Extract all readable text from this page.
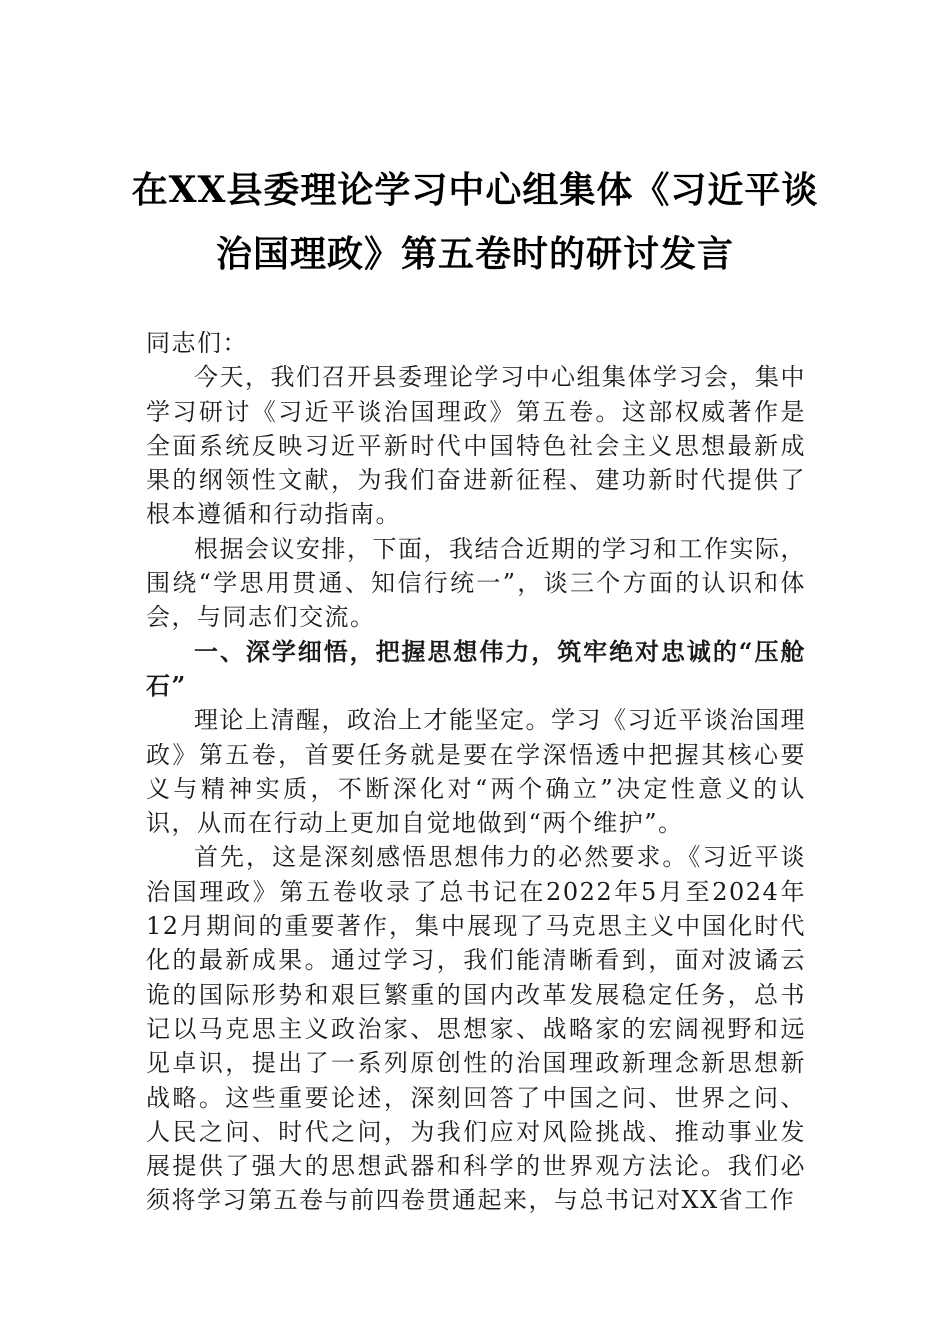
在XX县委理论学习中心组集体《习近平谈
治国理政》第五卷时的研讨发言

同志们：

今天，我们召开县委理论学习中心组集体学习会，集中学习研讨《习近平谈治国理政》第五卷。这部权威著作是全面系统反映习近平新时代中国特色社会主义思想最新成果的纲领性文献，为我们奋进新征程、建功新时代提供了根本遵循和行动指南。

根据会议安排，下面，我结合近期的学习和工作实际，围绕“学思用贯通、知信行统一”，谈三个方面的认识和体会，与同志们交流。

一、深学细悟，把握思想伟力，筑牢绝对忠诚的“压舱石”

理论上清醒，政治上才能坚定。学习《习近平谈治国理政》第五卷，首要任务就是要在学深悟透中把握其核心要义与精神实质，不断深化对“两个确立”决定性意义的认识，从而在行动上更加自觉地做到“两个维护”。

首先，这是深刻感悟思想伟力的必然要求。《习近平谈治国理政》第五卷收录了总书记在2022年5月至2024年12月期间的重要著作，集中展现了马克思主义中国化时代化的最新成果。通过学习，我们能清晰看到，面对波谲云诡的国际形势和艰巨繁重的国内改革发展稳定任务，总书记以马克思主义政治家、思想家、战略家的宏阔视野和远见卓识，提出了一系列原创性的治国理政新理念新思想新战略。这些重要论述，深刻回答了中国之问、世界之问、人民之问、时代之问，为我们应对风险挑战、推动事业发展提供了强大的思想武器和科学的世界观方法论。我们必须将学习第五卷与前四卷贯通起来，与总书记对XX省工作
